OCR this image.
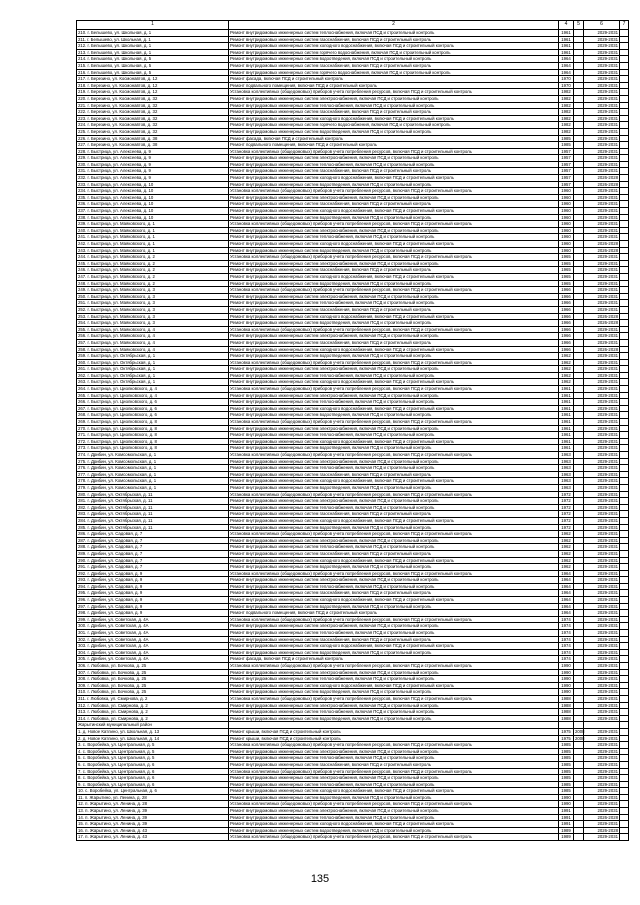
1	2	4	5	6	7
210. г. Белышево, ул. Школьная, д. 1	Ремонт внутридомовых инженерных систем теплоснабжения, включая ПСД и строительный контроль	1961		2029-2031	
211. г. Белышево, ул. Школьная, д. 1	Ремонт внутридомовых инженерных систем газоснабжения, включая ПСД и строительный контроль	1961		2029-2031	
212. г. Белышево, ул. Школьная, д. 1	Ремонт внутридомовых инженерных систем холодного водоснабжения, включая ПСД и строительный контроль	1961		2029-2031	
213. г. Белышево, ул. Школьная, д. 1	Ремонт внутридомовых инженерных систем горячего водоснабжения, включая ПСД и строительный контроль	1961		2029-2031	
214. г. Белышево, ул. Школьная, д. 5	Ремонт внутридомовых инженерных систем водоотведения, включая ПСД и строительный контроль	1964		2029-2031	
215. г. Белышево, ул. Школьная, д. 5	Ремонт внутридомовых инженерных систем газоснабжения, включая ПСД и строительный контроль	1964		2029-2031	
216. г. Белышево, ул. Школьная, д. 5	Ремонт внутридомовых инженерных систем горячего водоснабжения, включая ПСД и строительный контроль	1964		2029-2031	
217. г. Березино, ул. Космонавтов, д. 12	Ремонт фасада, включая ПСД и строительный контроль	1970		2029-2031	
218. г. Березино, ул. Космонавтов, д. 12	Ремонт подвального помещения, включая ПСД и строительный контроль	1970		2029-2031	
219. г. Березино, ул. Космонавтов, д. 12	Установка коллективных (общедомовых) приборов учета потребления ресурсов, включая ПСД и строительный контроль	1982		2029-2031	
220. г. Березино, ул. Космонавтов, д. 32	Ремонт внутридомовых инженерных систем электроснабжения, включая ПСД и строительный контроль	1982		2029-2031	
221. г. Березино, ул. Космонавтов, д. 32	Ремонт внутридомовых инженерных систем теплоснабжения, включая ПСД и строительный контроль	1982		2029-2031	
222. г. Березино, ул. Космонавтов, д. 32	Ремонт внутридомовых инженерных систем газоснабжения, включая ПСД и строительный контроль	1982		2029-2031	
223. г. Березино, ул. Космонавтов, д. 32	Ремонт внутридомовых инженерных систем холодного водоснабжения, включая ПСД и строительный контроль	1982		2029-2031	
224. г. Березино, ул. Космонавтов, д. 32	Ремонт внутридомовых инженерных систем горячего водоснабжения, включая ПСД и строительный контроль	1982		2029-2031	
225. г. Березино, ул. Космонавтов, д. 32	Ремонт внутридомовых инженерных систем водоотведения, включая ПСД и строительный контроль	1982		2029-2031	
226. г. Березино, ул. Космонавтов, д. 38	Ремонт фасада, включая ПСД и строительный контроль	1985		2029-2031	
227. г. Березино, ул. Космонавтов, д. 38	Ремонт подвального помещения, включая ПСД и строительный контроль	1985		2029-2031	
228. г. Быстрица, ул. Алексеева, д. 9	Установка коллективных (общедомовых) приборов учета потребления ресурсов, включая ПСД и строительный контроль	1957		2029-2031	
229. г. Быстрица, ул. Алексеева, д. 9	Ремонт внутридомовых инженерных систем электроснабжения, включая ПСД и строительный контроль	1957		2029-2031	
230. г. Быстрица, ул. Алексеева, д. 9	Ремонт внутридомовых инженерных систем теплоснабжения, включая ПСД и строительный контроль	1957		2029-2031	
231. г. Быстрица, ул. Алексеева, д. 9	Ремонт внутридомовых инженерных систем газоснабжения, включая ПСД и строительный контроль	1957		2029-2031	
232. г. Быстрица, ул. Алексеева, д. 9	Ремонт внутридомовых инженерных систем холодного водоснабжения, включая ПСД и строительный контроль	1957		2026-2028	
233. г. Быстрица, ул. Алексеева, д. 10	Ремонт внутридомовых инженерных систем водоотведения, включая ПСД и строительный контроль	1957		2026-2028	
234. г. Быстрица, ул. Алексеева, д. 10	Установка коллективных (общедомовых) приборов учета потребления ресурсов, включая ПСД и строительный контроль	1960		2029-2031	
235. г. Быстрица, ул. Алексеева, д. 10	Ремонт внутридомовых инженерных систем электроснабжения, включая ПСД и строительный контроль	1960		2029-2031	
236. г. Быстрица, ул. Алексеева, д. 10	Ремонт внутридомовых инженерных систем газоснабжения, включая ПСД и строительный контроль	1960		2029-2031	
237. г. Быстрица, ул. Алексеева, д. 10	Ремонт внутридомовых инженерных систем холодного водоснабжения, включая ПСД и строительный контроль	1960		2029-2031	
238. г. Быстрица, ул. Алексеева, д. 10	Ремонт внутридомовых инженерных систем водоотведения, включая ПСД и строительный контроль	1960		2029-2031	
239. г. Быстрица, ул. Маяковского, д. 1	Установка коллективных (общедомовых) приборов учета потребления ресурсов, включая ПСД и строительный контроль	1960		2029-2031	
240. г. Быстрица, ул. Маяковского, д. 1	Ремонт внутридомовых инженерных систем электроснабжения, включая ПСД и строительный контроль	1960		2029-2031	
241. г. Быстрица, ул. Маяковского, д. 1	Ремонт внутридомовых инженерных систем теплоснабжения, включая ПСД и строительный контроль	1960		2029-2031	
242. г. Быстрица, ул. Маяковского, д. 1	Ремонт внутридомовых инженерных систем холодного водоснабжения, включая ПСД и строительный контроль	1960		2026-2028	
243. г. Быстрица, ул. Маяковского, д. 1	Ремонт внутридомовых инженерных систем водоотведения, включая ПСД и строительный контроль	1960		2026-2028	
244. г. Быстрица, ул. Маяковского, д. 2	Установка коллективных (общедомовых) приборов учета потребления ресурсов, включая ПСД и строительный контроль	1965		2029-2031	
245. г. Быстрица, ул. Маяковского, д. 2	Ремонт внутридомовых инженерных систем электроснабжения, включая ПСД и строительный контроль	1965		2029-2031	
246. г. Быстрица, ул. Маяковского, д. 2	Ремонт внутридомовых инженерных систем газоснабжения, включая ПСД и строительный контроль	1965		2029-2031	
247. г. Быстрица, ул. Маяковского, д. 2	Ремонт внутридомовых инженерных систем холодного водоснабжения, включая ПСД и строительный контроль	1965		2029-2031	
248. г. Быстрица, ул. Маяковского, д. 2	Ремонт внутридомовых инженерных систем водоотведения, включая ПСД и строительный контроль	1965		2029-2031	
249. г. Быстрица, ул. Маяковского, д. 3	Установка коллективных (общедомовых) приборов учета потребления ресурсов, включая ПСД и строительный контроль	1966		2029-2031	
250. г. Быстрица, ул. Маяковского, д. 3	Ремонт внутридомовых инженерных систем электроснабжения, включая ПСД и строительный контроль	1966		2029-2031	
251. г. Быстрица, ул. Маяковского, д. 3	Ремонт внутридомовых инженерных систем теплоснабжения, включая ПСД и строительный контроль	1966		2029-2031	
252. г. Быстрица, ул. Маяковского, д. 3	Ремонт внутридомовых инженерных систем газоснабжения, включая ПСД и строительный контроль	1966		2029-2031	
253. г. Быстрица, ул. Маяковского, д. 3	Ремонт внутридомовых инженерных систем холодного водоснабжения, включая ПСД и строительный контроль	1966		2026-2028	
254. г. Быстрица, ул. Маяковского, д. 3	Ремонт внутридомовых инженерных систем водоотведения, включая ПСД и строительный контроль	1966		2026-2028	
255. г. Быстрица, ул. Маяковского, д. 4	Установка коллективных (общедомовых) приборов учета потребления ресурсов, включая ПСД и строительный контроль	1966		2029-2031	
256. г. Быстрица, ул. Маяковского, д. 4	Ремонт внутридомовых инженерных систем электроснабжения, включая ПСД и строительный контроль	1966		2029-2031	
257. г. Быстрица, ул. Маяковского, д. 4	Ремонт внутридомовых инженерных систем газоснабжения, включая ПСД и строительный контроль	1966		2029-2031	
258. г. Быстрица, ул. Маяковского, д. 4	Ремонт внутридомовых инженерных систем холодного водоснабжения, включая ПСД и строительный контроль	1966		2026-2028	
259. г. Быстрица, ул. Октябрьская, д. 1	Ремонт внутридомовых инженерных систем водоотведения, включая ПСД и строительный контроль	1962		2029-2031	
260. г. Быстрица, ул. Октябрьская, д. 1	Установка коллективных (общедомовых) приборов учета потребления ресурсов, включая ПСД и строительный контроль	1962		2029-2031	
261. г. Быстрица, ул. Октябрьская, д. 1	Ремонт внутридомовых инженерных систем электроснабжения, включая ПСД и строительный контроль	1962		2029-2031	
262. г. Быстрица, ул. Октябрьская, д. 1	Ремонт внутридомовых инженерных систем теплоснабжения, включая ПСД и строительный контроль	1962		2029-2031	
263. г. Быстрица, ул. Октябрьская, д. 1	Ремонт внутридомовых инженерных систем холодного водоснабжения, включая ПСД и строительный контроль	1962		2029-2031	
264. г. Быстрица, ул. Циолковского, д. 4	Установка коллективных (общедомовых) приборов учета потребления ресурсов, включая ПСД и строительный контроль	1961		2029-2031	
265. г. Быстрица, ул. Циолковского, д. 4	Ремонт внутридомовых инженерных систем электроснабжения, включая ПСД и строительный контроль	1961		2029-2031	
266. г. Быстрица, ул. Циолковского, д. 6	Ремонт внутридомовых инженерных систем теплоснабжения, включая ПСД и строительный контроль	1961		2029-2031	
267. г. Быстрица, ул. Циолковского, д. 6	Ремонт внутридомовых инженерных систем холодного водоснабжения, включая ПСД и строительный контроль	1961		2029-2031	
268. г. Быстрица, ул. Циолковского, д. 6	Ремонт внутридомовых инженерных систем водоотведения, включая ПСД и строительный контроль	1961		2029-2031	
269. г. Быстрица, ул. Циолковского, д. 8	Установка коллективных (общедомовых) приборов учета потребления ресурсов, включая ПСД и строительный контроль	1961		2029-2031	
270. г. Быстрица, ул. Циолковского, д. 8	Ремонт внутридомовых инженерных систем электроснабжения, включая ПСД и строительный контроль	1961		2029-2031	
271. г. Быстрица, ул. Циолковского, д. 8	Ремонт внутридомовых инженерных систем теплоснабжения, включая ПСД и строительный контроль	1961		2029-2031	
272. г. Быстрица, ул. Циолковского, д. 8	Ремонт внутридомовых инженерных систем холодного водоснабжения, включая ПСД и строительный контроль	1961		2029-2031	
273. г. Быстрица, ул. Циолковского, д. 8	Ремонт внутридомовых инженерных систем водоотведения, включая ПСД и строительный контроль	1961		2029-2031	
274. г. Дрибин, ул. Комсомольская, д. 1	Установка коллективных (общедомовых) приборов учета потребления ресурсов, включая ПСД и строительный контроль	1963		2029-2031	
275. г. Дрибин, ул. Комсомольская, д. 1	Ремонт внутридомовых инженерных систем электроснабжения, включая ПСД и строительный контроль	1963		2029-2031	
276. г. Дрибин, ул. Комсомольская, д. 1	Ремонт внутридомовых инженерных систем теплоснабжения, включая ПСД и строительный контроль	1963		2029-2031	
277. г. Дрибин, ул. Комсомольская, д. 1	Ремонт внутридомовых инженерных систем газоснабжения, включая ПСД и строительный контроль	1963		2029-2031	
278. г. Дрибин, ул. Комсомольская, д. 1	Ремонт внутридомовых инженерных систем холодного водоснабжения, включая ПСД и строительный контроль	1963		2029-2031	
279. г. Дрибин, ул. Комсомольская, д. 1	Ремонт внутридомовых инженерных систем водоотведения, включая ПСД и строительный контроль	1963		2029-2031	
280. г. Дрибин, ул. Октябрьская, д. 11	Установка коллективных (общедомовых) приборов учета потребления ресурсов, включая ПСД и строительный контроль	1972		2029-2031	
281. г. Дрибин, ул. Октябрьская, д. 11	Ремонт внутридомовых инженерных систем электроснабжения, включая ПСД и строительный контроль	1972		2029-2031	
282. г. Дрибин, ул. Октябрьская, д. 11	Ремонт внутридомовых инженерных систем теплоснабжения, включая ПСД и строительный контроль	1972		2029-2031	
283. г. Дрибин, ул. Октябрьская, д. 11	Ремонт внутридомовых инженерных систем газоснабжения, включая ПСД и строительный контроль	1972		2029-2031	
284. г. Дрибин, ул. Октябрьская, д. 11	Ремонт внутридомовых инженерных систем холодного водоснабжения, включая ПСД и строительный контроль	1972		2029-2031	
285. г. Дрибин, ул. Октябрьская, д. 11	Ремонт внутридомовых инженерных систем водоотведения, включая ПСД и строительный контроль	1972		2029-2031	
286. г. Дрибин, ул. Садовая, д. 7	Установка коллективных (общедомовых) приборов учета потребления ресурсов, включая ПСД и строительный контроль	1962		2029-2031	
287. г. Дрибин, ул. Садовая, д. 7	Ремонт внутридомовых инженерных систем электроснабжения, включая ПСД и строительный контроль	1962		2029-2031	
288. г. Дрибин, ул. Садовая, д. 7	Ремонт внутридомовых инженерных систем теплоснабжения, включая ПСД и строительный контроль	1962		2029-2031	
289. г. Дрибин, ул. Садовая, д. 7	Ремонт внутридомовых инженерных систем газоснабжения, включая ПСД и строительный контроль	1962		2029-2031	
290. г. Дрибин, ул. Садовая, д. 7	Ремонт внутридомовых инженерных систем холодного водоснабжения, включая ПСД и строительный контроль	1962		2029-2031	
291. г. Дрибин, ул. Садовая, д. 7	Ремонт внутридомовых инженерных систем водоотведения, включая ПСД и строительный контроль	1962		2029-2031	
292. г. Дрибин, ул. Садовая, д. 9	Установка коллективных (общедомовых) приборов учета потребления ресурсов, включая ПСД и строительный контроль	1964		2029-2031	
293. г. Дрибин, ул. Садовая, д. 9	Ремонт внутридомовых инженерных систем электроснабжения, включая ПСД и строительный контроль	1964		2029-2031	
294. г. Дрибин, ул. Садовая, д. 9	Ремонт внутридомовых инженерных систем теплоснабжения, включая ПСД и строительный контроль	1964		2029-2031	
295. г. Дрибин, ул. Садовая, д. 9	Ремонт внутридомовых инженерных систем газоснабжения, включая ПСД и строительный контроль	1964		2029-2031	
296. г. Дрибин, ул. Садовая, д. 9	Ремонт внутридомовых инженерных систем холодного водоснабжения, включая ПСД и строительный контроль	1964		2029-2031	
297. г. Дрибин, ул. Садовая, д. 9	Ремонт внутридомовых инженерных систем водоотведения, включая ПСД и строительный контроль	1964		2029-2031	
298. г. Дрибин, ул. Садовая, д. 9	Ремонт подвального помещения, включая ПСД и строительный контроль	1964		2029-2031	
299. г. Дрибин, ул. Советская, д. 4А	Установка коллективных (общедомовых) приборов учета потребления ресурсов, включая ПСД и строительный контроль	1974		2029-2031	
300. г. Дрибин, ул. Советская, д. 4А	Ремонт внутридомовых инженерных систем электроснабжения, включая ПСД и строительный контроль	1974		2029-2031	
301. г. Дрибин, ул. Советская, д. 4А	Ремонт внутридомовых инженерных систем теплоснабжения, включая ПСД и строительный контроль	1974		2029-2031	
302. г. Дрибин, ул. Советская, д. 4А	Ремонт внутридомовых инженерных систем газоснабжения, включая ПСД и строительный контроль	1974		2029-2031	
303. г. Дрибин, ул. Советская, д. 4А	Ремонт внутридомовых инженерных систем холодного водоснабжения, включая ПСД и строительный контроль	1974		2029-2031	
304. г. Дрибин, ул. Советская, д. 4А	Ремонт внутридомовых инженерных систем водоотведения, включая ПСД и строительный контроль	1974		2029-2031	
305. г. Дрибин, ул. Советская, д. 4А	Ремонт фасада, включая ПСД и строительный контроль	1974		2029-2031	
306. г. Любовка, ул. Бочкова, д. 25	Установка коллективных (общедомовых) приборов учета потребления ресурсов, включая ПСД и строительный контроль	1990		2029-2031	
307. г. Любовка, ул. Бочкова, д. 25	Ремонт внутридомовых инженерных систем электроснабжения, включая ПСД и строительный контроль	1990		2029-2031	
308. г. Любовка, ул. Бочкова, д. 25	Ремонт внутридомовых инженерных систем теплоснабжения, включая ПСД и строительный контроль	1990		2029-2031	
309. г. Любовка, ул. Бочкова, д. 25	Ремонт внутридомовых инженерных систем холодного водоснабжения, включая ПСД и строительный контроль	1990		2029-2031	
310. г. Любовка, ул. Бочкова, д. 25	Ремонт внутридомовых инженерных систем водоотведения, включая ПСД и строительный контроль	1990		2029-2031	
311. г. Любовка, ул. Смирнова, д. 2	Установка коллективных (общедомовых) приборов учета потребления ресурсов, включая ПСД и строительный контроль	1988		2029-2031	
312. г. Любовка, ул. Смирнова, д. 2	Ремонт внутридомовых инженерных систем электроснабжения, включая ПСД и строительный контроль	1988		2029-2031	
313. г. Любовка, ул. Смирнова, д. 2	Ремонт внутридомовых инженерных систем теплоснабжения, включая ПСД и строительный контроль	1988		2029-2031	
314. г. Любовка, ул. Смирнова, д. 2	Ремонт внутридомовых инженерных систем водоотведения, включая ПСД и строительный контроль	1988		2029-2031	
Жарытинский муниципальный район					
1. д. Новое Катлино, ул. Школьная, д. 13	Ремонт крыши, включая ПСД и строительный контроль	1975	2008	2029-2031	
2. д. Новое Катлино, ул. Школьная, д. 14	Ремонт крыши, включая ПСД и строительный контроль	1975	2008	2029-2031	
3. с. Воробейка, ул. Центральная, д. 5	Установка коллективных (общедомовых) приборов учета потребления ресурсов, включая ПСД и строительный контроль	1985		2029-2031	
4. с. Воробейка, ул. Центральная, д. 5	Ремонт внутридомовых инженерных систем электроснабжения, включая ПСД и строительный контроль	1985		2029-2031	
5. с. Воробейка, ул. Центральная, д. 5	Ремонт внутридомовых инженерных систем теплоснабжения, включая ПСД и строительный контроль	1985		2029-2031	
6. с. Воробейка, ул. Центральная, д. 6	Ремонт внутридомовых инженерных систем газоснабжения, включая ПСД и строительный контроль	1985		2029-2031	
7. с. Воробейка, ул. Центральная, д. 6	Установка коллективных (общедомовых) приборов учета потребления ресурсов, включая ПСД и строительный контроль	1985		2029-2031	
8. с. Воробейка, ул. Центральная, д. 6	Ремонт внутридомовых инженерных систем электроснабжения, включая ПСД и строительный контроль	1985		2029-2031	
9. с. Воробейка, ул. Центральная, д. 6	Ремонт внутридомовых инженерных систем теплоснабжения, включая ПСД и строительный контроль	1985		2029-2031	
10. с. Воробейка, ул. Центральная, д. 6	Ремонт внутридомовых инженерных систем холодного водоснабжения, включая ПСД и строительный контроль	1985		2029-2031	
11. п. Жарытино, ул. Ленина, д. 28	Ремонт внутридомовых инженерных систем водоотведения, включая ПСД и строительный контроль	1990		2029-2031	
12. п. Жарытино, ул. Ленина, д. 28	Установка коллективных (общедомовых) приборов учета потребления ресурсов, включая ПСД и строительный контроль	1990		2029-2031	
13. п. Жарытино, ул. Ленина, д. 39	Ремонт внутридомовых инженерных систем электроснабжения, включая ПСД и строительный контроль	1991		2029-2031	
14. п. Жарытино, ул. Ленина, д. 39	Ремонт внутридомовых инженерных систем теплоснабжения, включая ПСД и строительный контроль	1991		2026-2028	
15. п. Жарытино, ул. Ленина, д. 39	Ремонт внутридомовых инженерных систем холодного водоснабжения, включая ПСД и строительный контроль	1991		2029-2031	
16. п. Жарытино, ул. Ленина, д. 43	Ремонт внутридомовых инженерных систем водоотведения, включая ПСД и строительный контроль	1989		2026-2028	
17. п. Жарытино, ул. Ленина, д. 43	Установка коллективных (общедомовых) приборов учета потребления ресурсов, включая ПСД и строительный контроль	1989		2029-2031	
135
